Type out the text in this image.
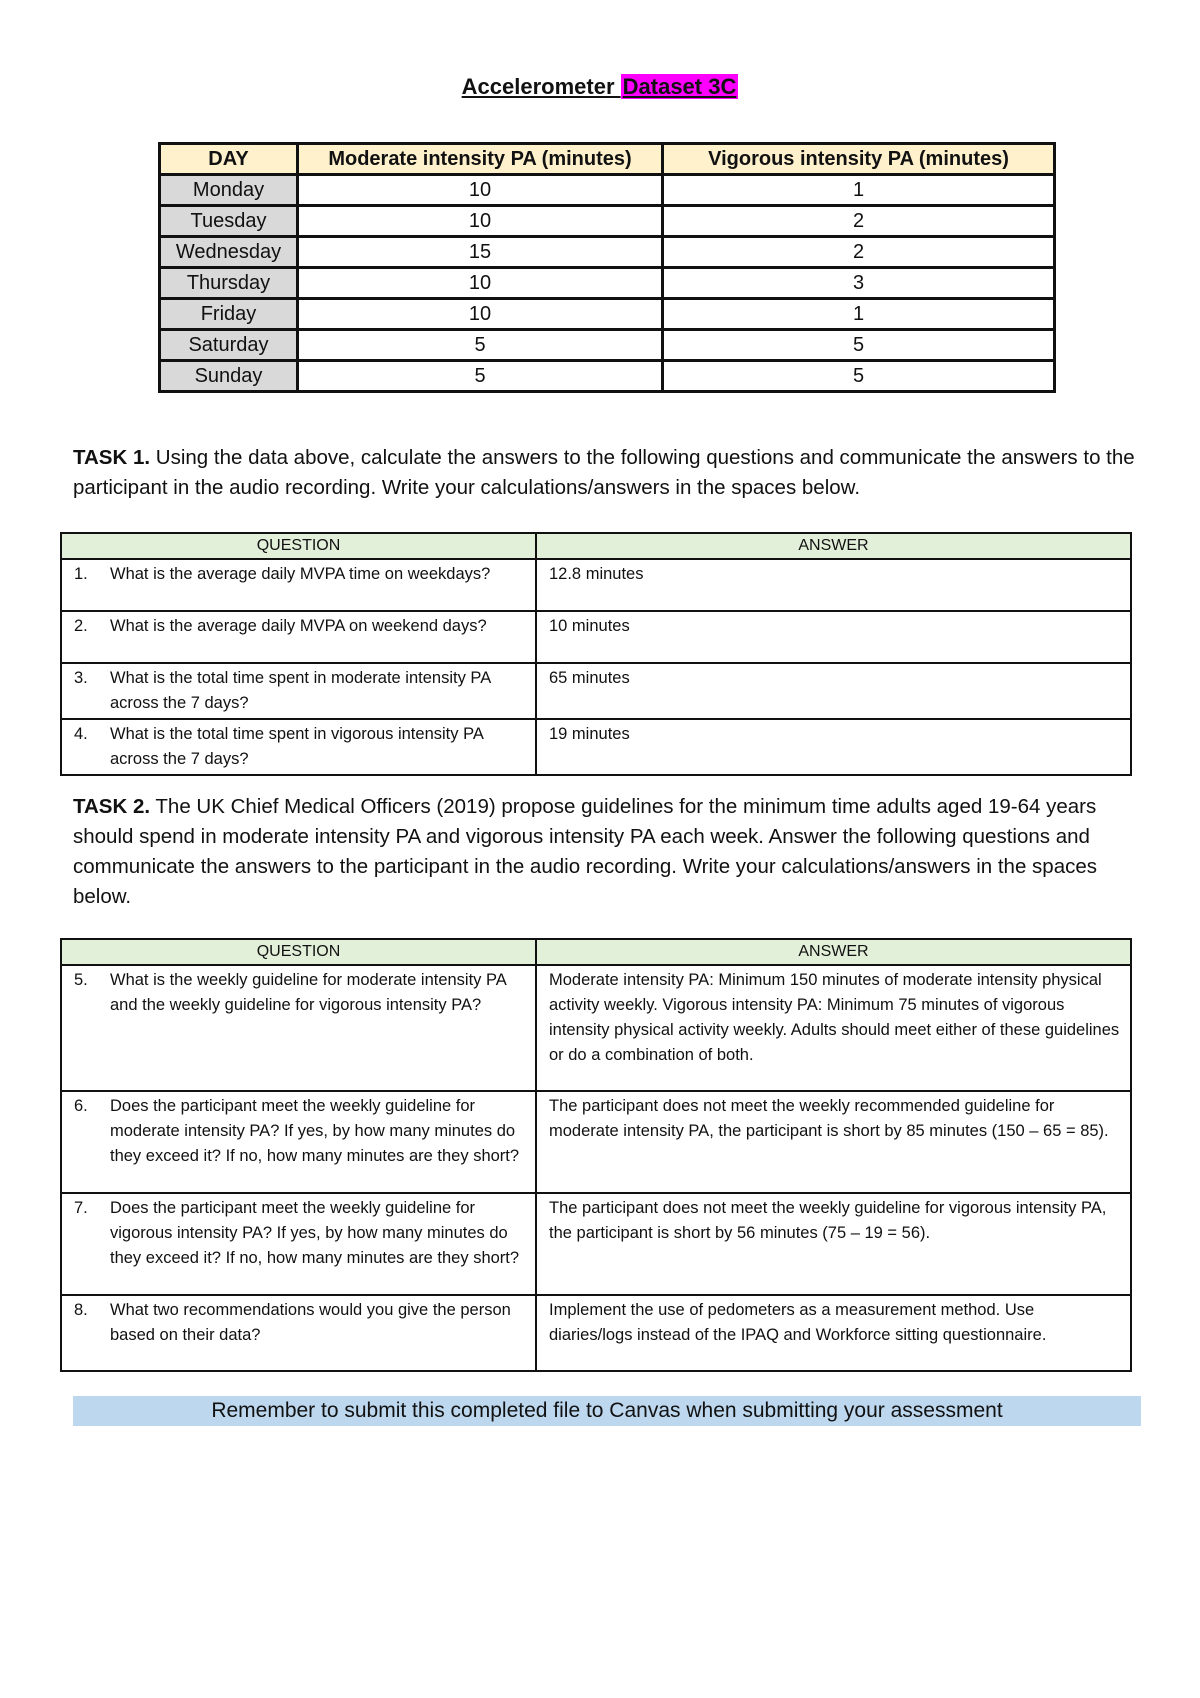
Accelerometer Dataset 3C
DAY	Moderate intensity PA (minutes)	Vigorous intensity PA (minutes)
Monday	10	1
Tuesday	10	2
Wednesday	15	2
Thursday	10	3
Friday	10	1
Saturday	5	5
Sunday	5	5
TASK 1. Using the data above, calculate the answers to the following questions and communicate the answers to the participant in the audio recording. Write your calculations/answers in the spaces below.
QUESTION	ANSWER
1. What is the average daily MVPA time on weekdays?	12.8 minutes
2. What is the average daily MVPA on weekend days?	10 minutes
3. What is the total time spent in moderate intensity PA across the 7 days?	65 minutes
4. What is the total time spent in vigorous intensity PA across the 7 days?	19 minutes
TASK 2. The UK Chief Medical Officers (2019) propose guidelines for the minimum time adults aged 19-64 years should spend in moderate intensity PA and vigorous intensity PA each week. Answer the following questions and communicate the answers to the participant in the audio recording. Write your calculations/answers in the spaces below.
QUESTION	ANSWER
5. What is the weekly guideline for moderate intensity PA and the weekly guideline for vigorous intensity PA?	Moderate intensity PA: Minimum 150 minutes of moderate intensity physical activity weekly. Vigorous intensity PA: Minimum 75 minutes of vigorous intensity physical activity weekly. Adults should meet either of these guidelines or do a combination of both.
6. Does the participant meet the weekly guideline for moderate intensity PA? If yes, by how many minutes do they exceed it? If no, how many minutes are they short?	The participant does not meet the weekly recommended guideline for moderate intensity PA, the participant is short by 85 minutes (150 – 65 = 85).
7. Does the participant meet the weekly guideline for vigorous intensity PA? If yes, by how many minutes do they exceed it? If no, how many minutes are they short?	The participant does not meet the weekly guideline for vigorous intensity PA, the participant is short by 56 minutes (75 – 19 = 56).
8. What two recommendations would you give the person based on their data?	Implement the use of pedometers as a measurement method. Use diaries/logs instead of the IPAQ and Workforce sitting questionnaire.
Remember to submit this completed file to Canvas when submitting your assessment
